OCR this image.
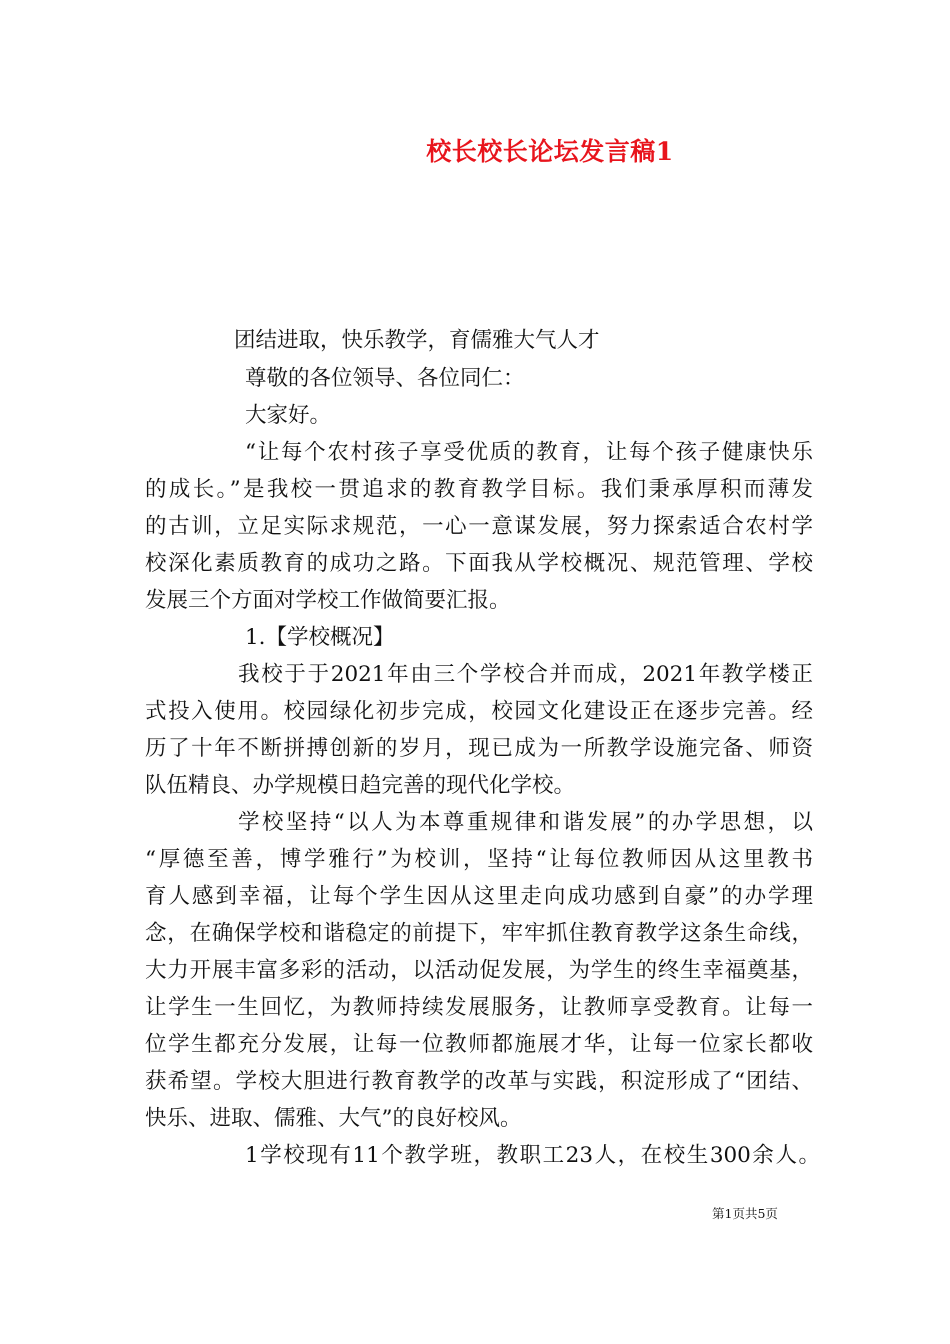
校长校长论坛发言稿1
团结进取，快乐教学，育儒雅大气人才
尊敬的各位领导、各位同仁：
大家好。
“让每个农村孩子享受优质的教育，让每个孩子健康快乐
的成长。”是我校一贯追求的教育教学目标。我们秉承厚积而薄发
的古训，立足实际求规范，一心一意谋发展，努力探索适合农村学
校深化素质教育的成功之路。下面我从学校概况、规范管理、学校
发展三个方面对学校工作做简要汇报。
1.【学校概况】
我校于于2021年由三个学校合并而成，2021年教学楼正
式投入使用。校园绿化初步完成，校园文化建设正在逐步完善。经
历了十年不断拼搏创新的岁月，现已成为一所教学设施完备、师资
队伍精良、办学规模日趋完善的现代化学校。
学校坚持“以人为本尊重规律和谐发展”的办学思想，以
“厚德至善，博学雅行”为校训，坚持“让每位教师因从这里教书
育人感到幸福，让每个学生因从这里走向成功感到自豪”的办学理
念，在确保学校和谐稳定的前提下，牢牢抓住教育教学这条生命线，
大力开展丰富多彩的活动，以活动促发展，为学生的终生幸福奠基，
让学生一生回忆，为教师持续发展服务，让教师享受教育。让每一
位学生都充分发展，让每一位教师都施展才华，让每一位家长都收
获希望。学校大胆进行教育教学的改革与实践，积淀形成了“团结、
快乐、进取、儒雅、大气”的良好校风。
1学校现有11个教学班，教职工23人，在校生300余人。
第1页共5页
